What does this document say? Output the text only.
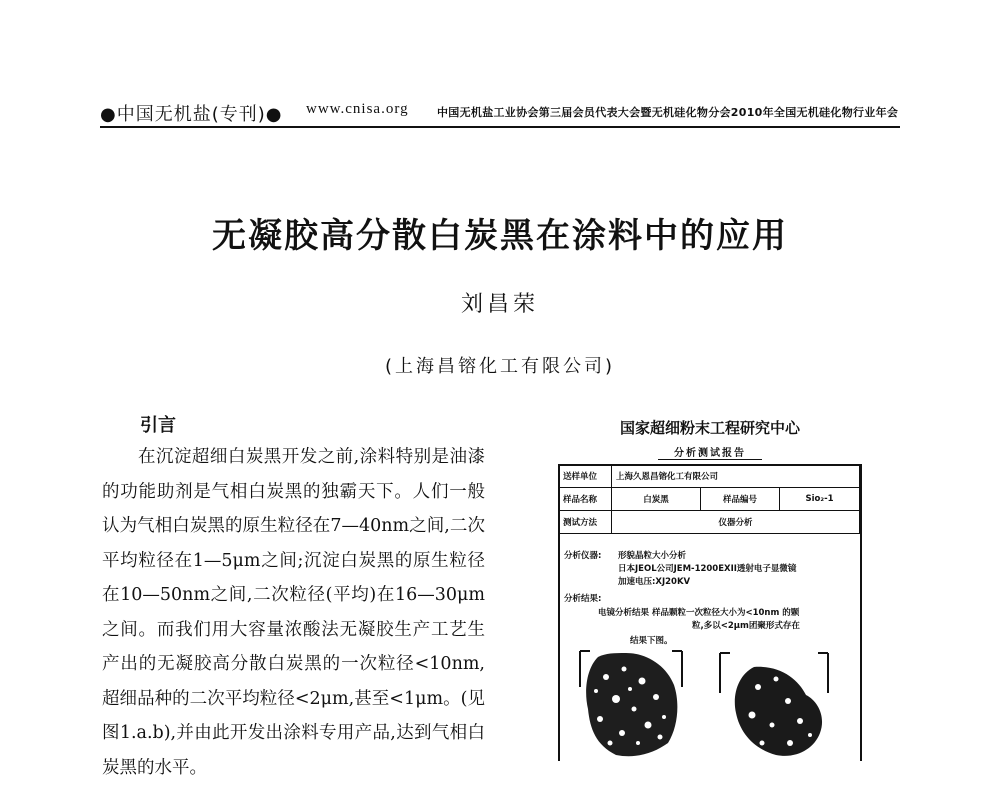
●中国无机盐(专刊)● www.cnisa.org	中国无机盐工业协会第三届会员代表大会暨无机硅化物分会2010年全国无机硅化物行业年会
无凝胶高分散白炭黑在涂料中的应用
刘昌荣
(上海昌镕化工有限公司)
引言
在沉淀超细白炭黑开发之前,涂料特别是油漆的功能助剂是气相白炭黑的独霸天下。人们一般认为气相白炭黑的原生粒径在7—40nm之间,二次平均粒径在1—5μm之间;沉淀白炭黑的原生粒径在10—50nm之间,二次粒径(平均)在16—30μm之间。而我们用大容量浓酸法无凝胶生产工艺生产出的无凝胶高分散白炭黑的一次粒径<10nm,超细品种的二次平均粒径<2μm,甚至<1μm。(见图1.a.b),并由此开发出涂料专用产品,达到气相白炭黑的水平。
国家超细粉末工程研究中心
分析测试报告
送样单位	上海久恩昌镕化工有限公司		
样品名称	白炭黑	样品编号	Sio₂-1
测试方法	仪器分析		
分析仪器: 形貌晶粒大小分析
日本JEOL公司JEM-1200EXII透射电子显微镜
加速电压:XJ20KV
分析结果:
电镜分析结果 样品颗粒一次粒径大小为<10nm 的颗
粒,多以<2μm团聚形式存在
结果下图。
